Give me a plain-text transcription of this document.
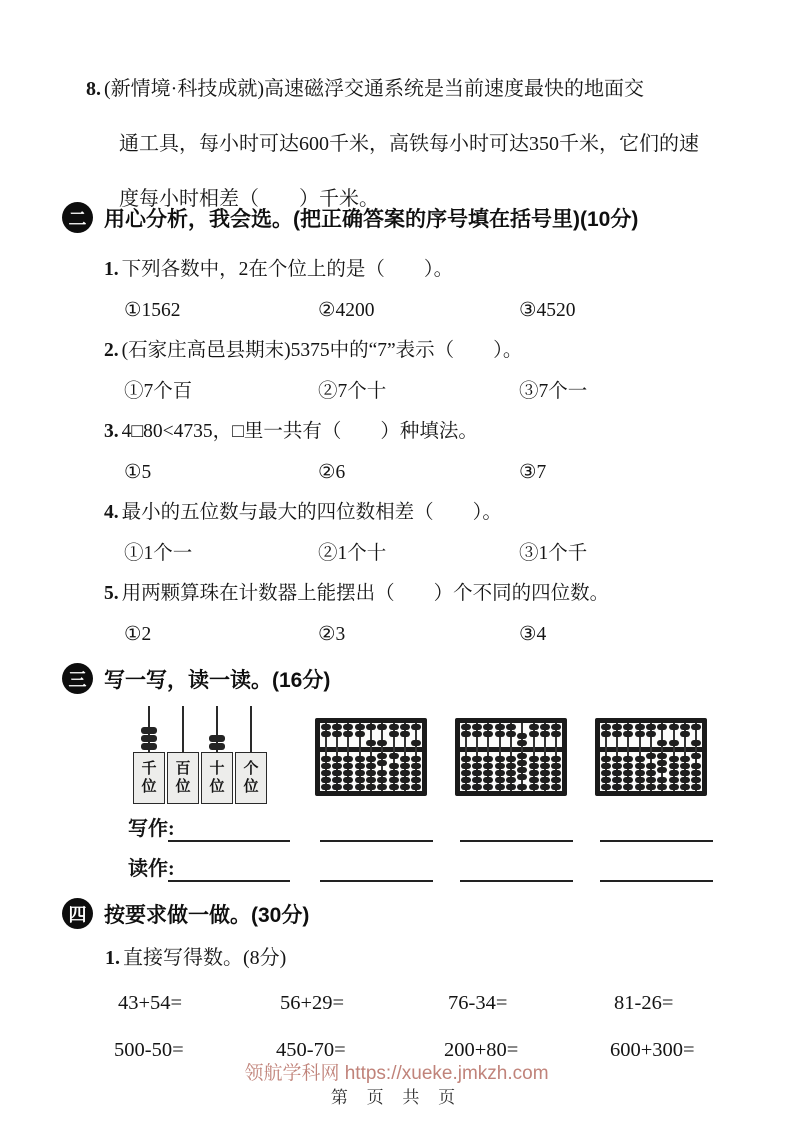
8. (新情境·科技成就)高速磁浮交通系统是当前速度最快的地面交
通工具，每小时可达600千米，高铁每小时可达350千米，它们的速
度每小时相差（　　）千米。
二 用心分析，我会选。(把正确答案的序号填在括号里)(10分)
1. 下列各数中，2在个位上的是（　　）。
①1562	②4200	③4520
2. (石家庄高邑县期末)5375中的“7”表示（　　）。
①7个百	②7个十	③7个一
3. 4□80<4735，□里一共有（　　）种填法。
①5	②6	③7
4. 最小的五位数与最大的四位数相差（　　）。
①1个一	②1个十	③1个千
5. 用两颗算珠在计数器上能摆出（　　）个不同的四位数。
①2	②3	③4
三 写一写，读一读。(16分)
千
位
百
位
十
位
个
位
写作:
读作:
四 按要求做一做。(30分)
1. 直接写得数。(8分)
43+54=	56+29=	76-34=	81-26=
500-50=	450-70=	200+80=	600+300=
领航学科网 https://xueke.jmkzh.com
第 页 共 页
